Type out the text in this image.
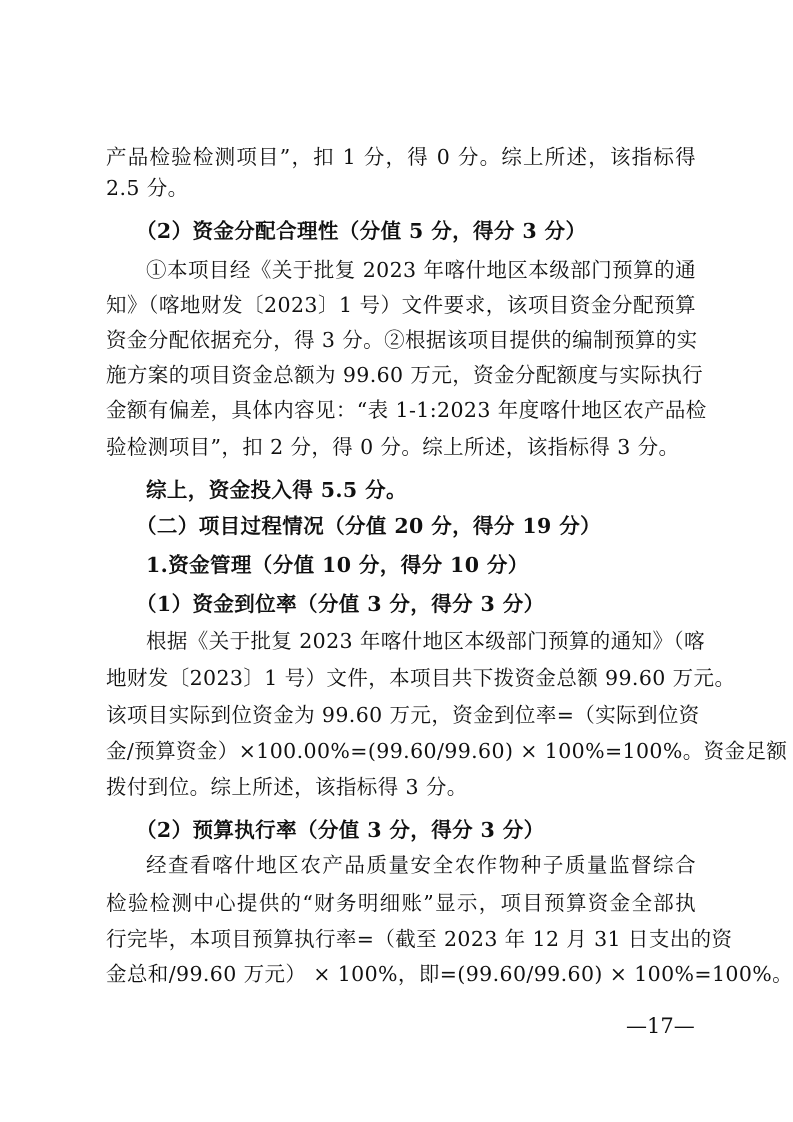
产品检验检测项目”，扣 1 分，得 0 分。综上所述，该指标得
2.5 分。
（2）资金分配合理性（分值 5 分，得分 3 分）
①本项目经《关于批复 2023 年喀什地区本级部门预算的通
知》（喀地财发〔2023〕1 号）文件要求，该项目资金分配预算
资金分配依据充分，得 3 分。②根据该项目提供的编制预算的实
施方案的项目资金总额为 99.60 万元，资金分配额度与实际执行
金额有偏差，具体内容见：“表 1-1:2023 年度喀什地区农产品检
验检测项目”，扣 2 分，得 0 分。综上所述，该指标得 3 分。
综上，资金投入得 5.5 分。
（二）项目过程情况（分值 20 分，得分 19 分）
1.资金管理（分值 10 分，得分 10 分）
（1）资金到位率（分值 3 分，得分 3 分）
根据《关于批复 2023 年喀什地区本级部门预算的通知》（喀
地财发〔2023〕1 号）文件，本项目共下拨资金总额 99.60 万元。
该项目实际到位资金为 99.60 万元，资金到位率=（实际到位资
金/预算资金）×100.00%=(99.60/99.60) × 100%=100%。资金足额
拨付到位。综上所述，该指标得 3 分。
（2）预算执行率（分值 3 分，得分 3 分）
经查看喀什地区农产品质量安全农作物种子质量监督综合
检验检测中心提供的“财务明细账”显示，项目预算资金全部执
行完毕，本项目预算执行率=（截至 2023 年 12 月 31 日支出的资
金总和/99.60 万元） × 100%，即=(99.60/99.60) × 100%=100%。
—17—
